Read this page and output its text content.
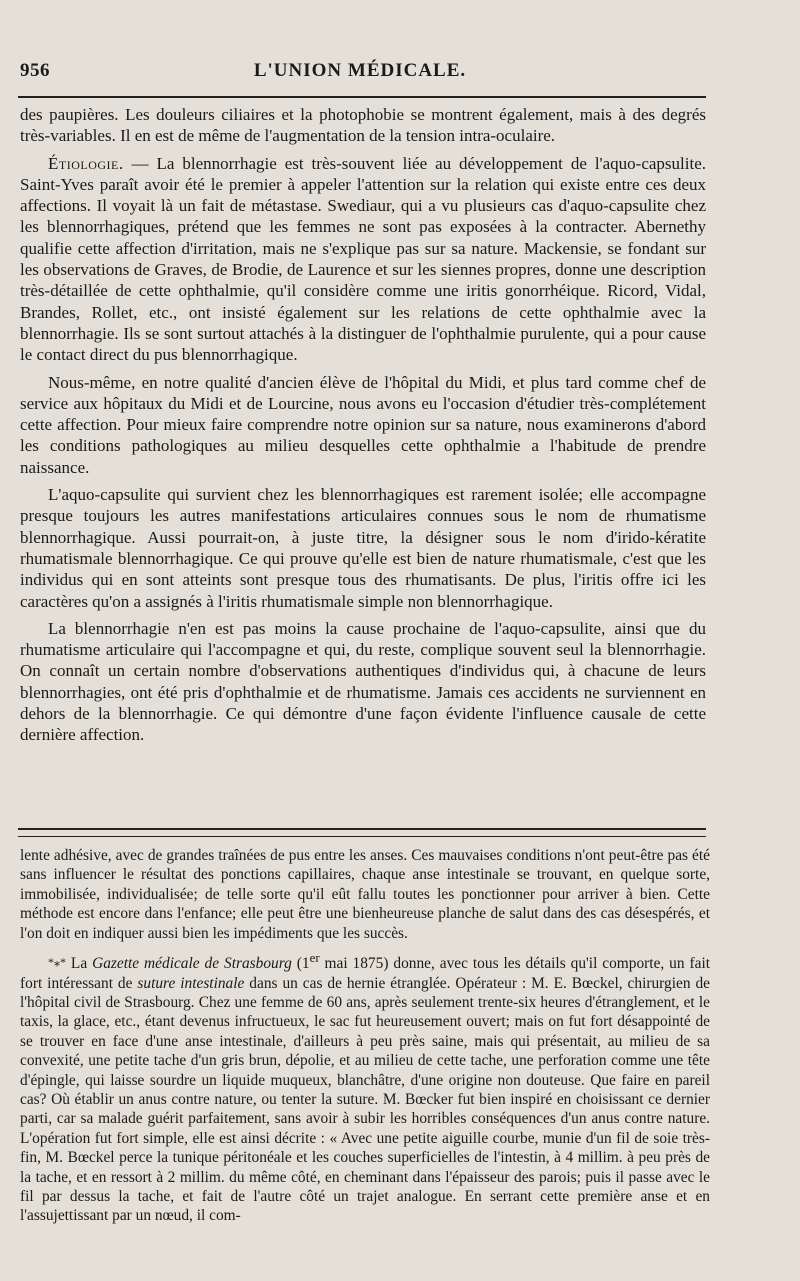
956	L'UNION MÉDICALE.

des paupières. Les douleurs ciliaires et la photophobie se montrent également, mais à des degrés très-variables. Il en est de même de l'augmentation de la tension intra-oculaire.

Étiologie. — La blennorrhagie est très-souvent liée au développement de l'aquo-capsulite. Saint-Yves paraît avoir été le premier à appeler l'attention sur la relation qui existe entre ces deux affections. Il voyait là un fait de métastase. Swediaur, qui a vu plusieurs cas d'aquo-capsulite chez les blennorrhagiques, prétend que les femmes ne sont pas exposées à la contracter. Abernethy qualifie cette affection d'irritation, mais ne s'explique pas sur sa nature. Mackensie, se fondant sur les observations de Graves, de Brodie, de Laurence et sur les siennes propres, donne une description très-détaillée de cette ophthalmie, qu'il considère comme une iritis gonorrhéique. Ricord, Vidal, Brandes, Rollet, etc., ont insisté également sur les relations de cette ophthalmie avec la blennorrhagie. Ils se sont surtout attachés à la distinguer de l'ophthalmie purulente, qui a pour cause le contact direct du pus blennorrhagique.

Nous-même, en notre qualité d'ancien élève de l'hôpital du Midi, et plus tard comme chef de service aux hôpitaux du Midi et de Lourcine, nous avons eu l'occasion d'étudier très-complétement cette affection. Pour mieux faire comprendre notre opinion sur sa nature, nous examinerons d'abord les conditions pathologiques au milieu desquelles cette ophthalmie a l'habitude de prendre naissance.

L'aquo-capsulite qui survient chez les blennorrhagiques est rarement isolée; elle accompagne presque toujours les autres manifestations articulaires connues sous le nom de rhumatisme blennorrhagique. Aussi pourrait-on, à juste titre, la désigner sous le nom d'irido-kératite rhumatismale blennorrhagique. Ce qui prouve qu'elle est bien de nature rhumatismale, c'est que les individus qui en sont atteints sont presque tous des rhumatisants. De plus, l'iritis offre ici les caractères qu'on a assignés à l'iritis rhumatismale simple non blennorrhagique.

La blennorrhagie n'en est pas moins la cause prochaine de l'aquo-capsulite, ainsi que du rhumatisme articulaire qui l'accompagne et qui, du reste, complique souvent seul la blennorrhagie. On connaît un certain nombre d'observations authentiques d'individus qui, à chacune de leurs blennorrhagies, ont été pris d'ophthalmie et de rhumatisme. Jamais ces accidents ne surviennent en dehors de la blennorrhagie. Ce qui démontre d'une façon évidente l'influence causale de cette dernière affection.

lente adhésive, avec de grandes traînées de pus entre les anses. Ces mauvaises conditions n'ont peut-être pas été sans influencer le résultat des ponctions capillaires, chaque anse intestinale se trouvant, en quelque sorte, immobilisée, individualisée; de telle sorte qu'il eût fallu toutes les ponctionner pour arriver à bien. Cette méthode est encore dans l'enfance; elle peut être une bienheureuse planche de salut dans des cas désespérés, et l'on doit en indiquer aussi bien les impédiments que les succès.

*⁎* La Gazette médicale de Strasbourg (1er mai 1875) donne, avec tous les détails qu'il comporte, un fait fort intéressant de suture intestinale dans un cas de hernie étranglée. Opérateur : M. E. Bœckel, chirurgien de l'hôpital civil de Strasbourg. Chez une femme de 60 ans, après seulement trente-six heures d'étranglement, et le taxis, la glace, etc., étant devenus infructueux, le sac fut heureusement ouvert; mais on fut fort désappointé de se trouver en face d'une anse intestinale, d'ailleurs à peu près saine, mais qui présentait, au milieu de sa convexité, une petite tache d'un gris brun, dépolie, et au milieu de cette tache, une perforation comme une tête d'épingle, qui laisse sourdre un liquide muqueux, blanchâtre, d'une origine non douteuse. Que faire en pareil cas? Où établir un anus contre nature, ou tenter la suture. M. Bœcker fut bien inspiré en choisissant ce dernier parti, car sa malade guérit parfaitement, sans avoir à subir les horribles conséquences d'un anus contre nature. L'opération fut fort simple, elle est ainsi décrite : « Avec une petite aiguille courbe, munie d'un fil de soie très-fin, M. Bœckel perce la tunique péritonéale et les couches superficielles de l'intestin, à 4 millim. à peu près de la tache, et en ressort à 2 millim. du même côté, en cheminant dans l'épaisseur des parois; puis il passe avec le fil par dessus la tache, et fait de l'autre côté un trajet analogue. En serrant cette première anse et en l'assujettissant par un nœud, il com-
